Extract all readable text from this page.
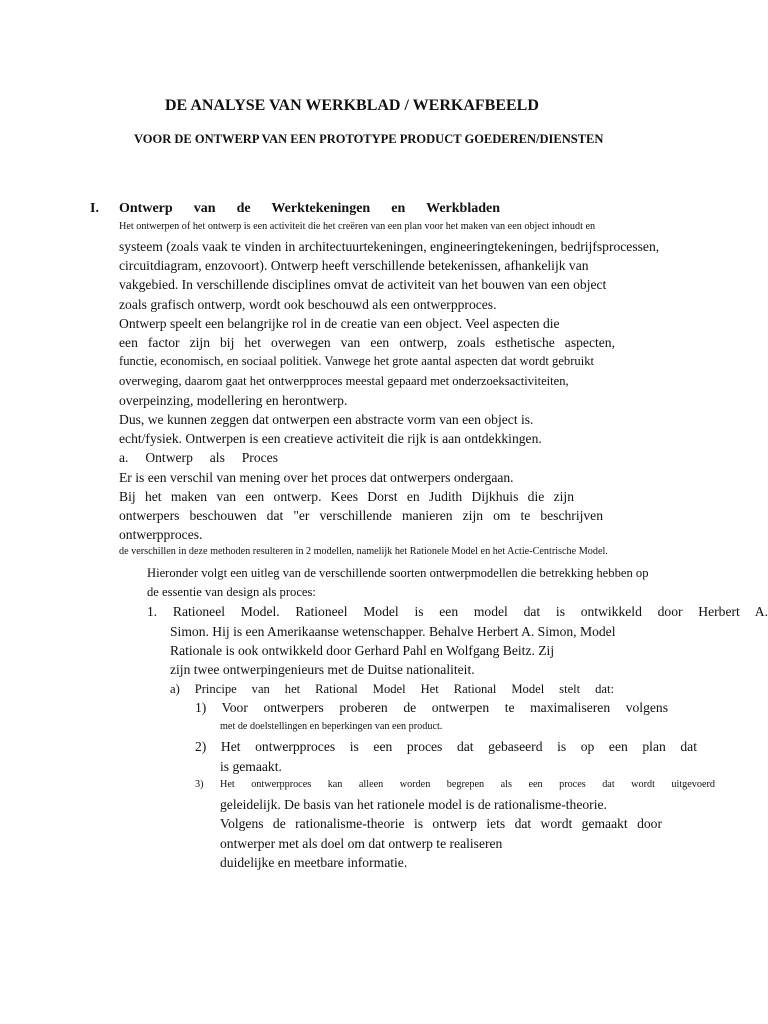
DE ANALYSE VAN WERKBLAD / WERKAFBEELD
VOOR DE ONTWERP VAN EEN PROTOTYPE PRODUCT GOEDEREN/DIENSTEN
I. Ontwerp van de Werktekeningen en Werkbladen
Het ontwerpen of het ontwerp is een activiteit die het creëren van een plan voor het maken van een object inhoudt en
systeem (zoals vaak te vinden in architectuurtekeningen, engineeringtekeningen, bedrijfsprocessen,
circuitdiagram, enzovoort). Ontwerp heeft verschillende betekenissen, afhankelijk van
vakgebied. In verschillende disciplines omvat de activiteit van het bouwen van een object
zoals grafisch ontwerp, wordt ook beschouwd als een ontwerpproces.
Ontwerp speelt een belangrijke rol in de creatie van een object. Veel aspecten die
een factor zijn bij het overwegen van een ontwerp, zoals esthetische aspecten,
functie, economisch, en sociaal politiek. Vanwege het grote aantal aspecten dat wordt gebruikt
overweging, daarom gaat het ontwerpproces meestal gepaard met onderzoeksactiviteiten,
overpeinzing, modellering en herontwerp.
Dus, we kunnen zeggen dat ontwerpen een abstracte vorm van een object is.
echt/fysiek. Ontwerpen is een creatieve activiteit die rijk is aan ontdekkingen.
a. Ontwerp als Proces
Er is een verschil van mening over het proces dat ontwerpers ondergaan.
Bij het maken van een ontwerp. Kees Dorst en Judith Dijkhuis die zijn
ontwerpers beschouwen dat "er verschillende manieren zijn om te beschrijven
ontwerpproces.
de verschillen in deze methoden resulteren in 2 modellen, namelijk het Rationele Model en het Actie-Centrische Model.
Hieronder volgt een uitleg van de verschillende soorten ontwerpmodellen die betrekking hebben op
de essentie van design als proces:
1. Rationeel Model. Rationeel Model is een model dat is ontwikkeld door Herbert A.
Simon. Hij is een Amerikaanse wetenschapper. Behalve Herbert A. Simon, Model
Rationale is ook ontwikkeld door Gerhard Pahl en Wolfgang Beitz. Zij
zijn twee ontwerpingenieurs met de Duitse nationaliteit.
a) Principe van het Rational Model Het Rational Model stelt dat:
1) Voor ontwerpers proberen de ontwerpen te maximaliseren volgens
met de doelstellingen en beperkingen van een product.
2) Het ontwerpproces is een proces dat gebaseerd is op een plan dat
is gemaakt.
3) Het ontwerpproces kan alleen worden begrepen als een proces dat wordt uitgevoerd
geleidelijk. De basis van het rationele model is de rationalisme-theorie.
Volgens de rationalisme-theorie is ontwerp iets dat wordt gemaakt door
ontwerper met als doel om dat ontwerp te realiseren
duidelijke en meetbare informatie.
